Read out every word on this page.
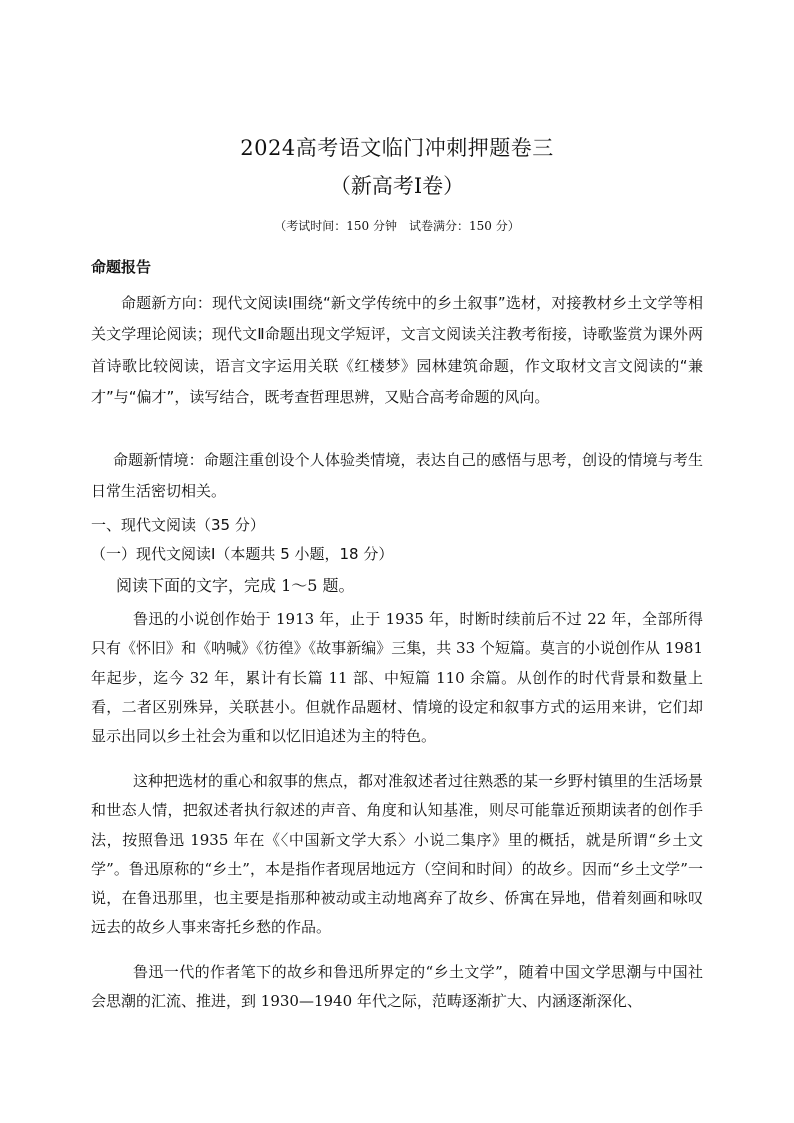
2024高考语文临门冲刺押题卷三
（新高考Ⅰ卷）
（考试时间：150 分钟　试卷满分：150 分）
命题报告

命题新方向：现代文阅读Ⅰ围绕“新文学传统中的乡土叙事”选材，对接教材乡土文学等相关文学理论阅读；现代文Ⅱ命题出现文学短评，文言文阅读关注教考衔接，诗歌鉴赏为课外两首诗歌比较阅读，语言文字运用关联《红楼梦》园林建筑命题，作文取材文言文阅读的“兼才”与“偏才”，读写结合，既考查哲理思辨，又贴合高考命题的风向。

命题新情境：命题注重创设个人体验类情境，表达自己的感悟与思考，创设的情境与考生日常生活密切相关。

一、现代文阅读（35 分）
（一）现代文阅读Ⅰ（本题共 5 小题，18 分）
阅读下面的文字，完成 1～5 题。

鲁迅的小说创作始于 1913 年，止于 1935 年，时断时续前后不过 22 年，全部所得只有《怀旧》和《呐喊》《彷徨》《故事新编》三集，共 33 个短篇。莫言的小说创作从 1981 年起步，迄今 32 年，累计有长篇 11 部、中短篇 110 余篇。从创作的时代背景和数量上看，二者区别殊异，关联甚小。但就作品题材、情境的设定和叙事方式的运用来讲，它们却显示出同以乡土社会为重和以忆旧追述为主的特色。

这种把选材的重心和叙事的焦点，都对准叙述者过往熟悉的某一乡野村镇里的生活场景和世态人情，把叙述者执行叙述的声音、角度和认知基准，则尽可能靠近预期读者的创作手法，按照鲁迅 1935 年在《〈中国新文学大系〉小说二集序》里的概括，就是所谓“乡土文学”。鲁迅原称的“乡土”，本是指作者现居地远方（空间和时间）的故乡。因而“乡土文学”一说，在鲁迅那里，也主要是指那种被动或主动地离弃了故乡、侨寓在异地，借着刻画和咏叹远去的故乡人事来寄托乡愁的作品。

鲁迅一代的作者笔下的故乡和鲁迅所界定的“乡土文学”，随着中国文学思潮与中国社会思潮的汇流、推进，到 1930—1940 年代之际，范畴逐渐扩大、内涵逐渐深化、
